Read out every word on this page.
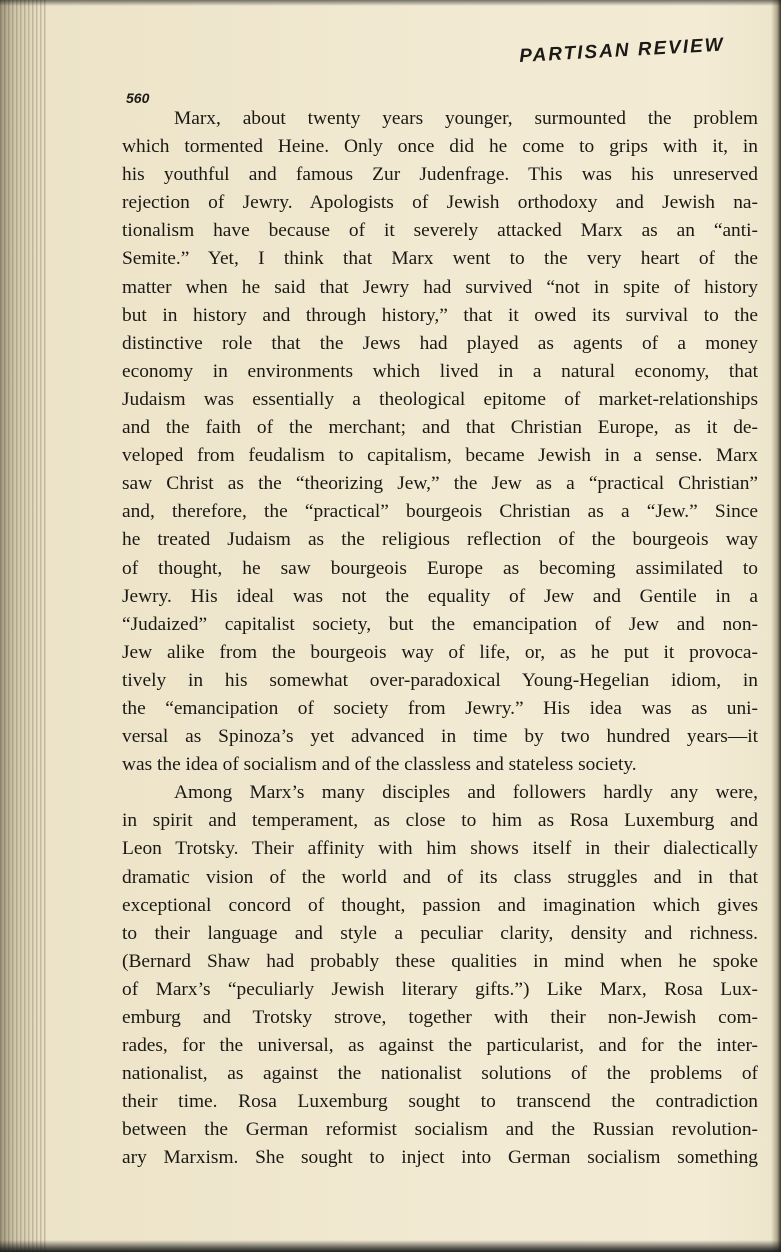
PARTISAN REVIEW
560
Marx, about twenty years younger, surmounted the problem
which tormented Heine. Only once did he come to grips with it, in
his youthful and famous Zur Judenfrage. This was his unreserved
rejection of Jewry. Apologists of Jewish orthodoxy and Jewish na-
tionalism have because of it severely attacked Marx as an “anti-
Semite.” Yet, I think that Marx went to the very heart of the
matter when he said that Jewry had survived “not in spite of history
but in history and through history,” that it owed its survival to the
distinctive role that the Jews had played as agents of a money
economy in environments which lived in a natural economy, that
Judaism was essentially a theological epitome of market-relationships
and the faith of the merchant; and that Christian Europe, as it de-
veloped from feudalism to capitalism, became Jewish in a sense. Marx
saw Christ as the “theorizing Jew,” the Jew as a “practical Christian”
and, therefore, the “practical” bourgeois Christian as a “Jew.” Since
he treated Judaism as the religious reflection of the bourgeois way
of thought, he saw bourgeois Europe as becoming assimilated to
Jewry. His ideal was not the equality of Jew and Gentile in a
“Judaized” capitalist society, but the emancipation of Jew and non-
Jew alike from the bourgeois way of life, or, as he put it provoca-
tively in his somewhat over-paradoxical Young-Hegelian idiom, in
the “emancipation of society from Jewry.” His idea was as uni-
versal as Spinoza’s yet advanced in time by two hundred years—it
was the idea of socialism and of the classless and stateless society.
Among Marx’s many disciples and followers hardly any were,
in spirit and temperament, as close to him as Rosa Luxemburg and
Leon Trotsky. Their affinity with him shows itself in their dialectically
dramatic vision of the world and of its class struggles and in that
exceptional concord of thought, passion and imagination which gives
to their language and style a peculiar clarity, density and richness.
(Bernard Shaw had probably these qualities in mind when he spoke
of Marx’s “peculiarly Jewish literary gifts.”) Like Marx, Rosa Lux-
emburg and Trotsky strove, together with their non-Jewish com-
rades, for the universal, as against the particularist, and for the inter-
nationalist, as against the nationalist solutions of the problems of
their time. Rosa Luxemburg sought to transcend the contradiction
between the German reformist socialism and the Russian revolution-
ary Marxism. She sought to inject into German socialism something
